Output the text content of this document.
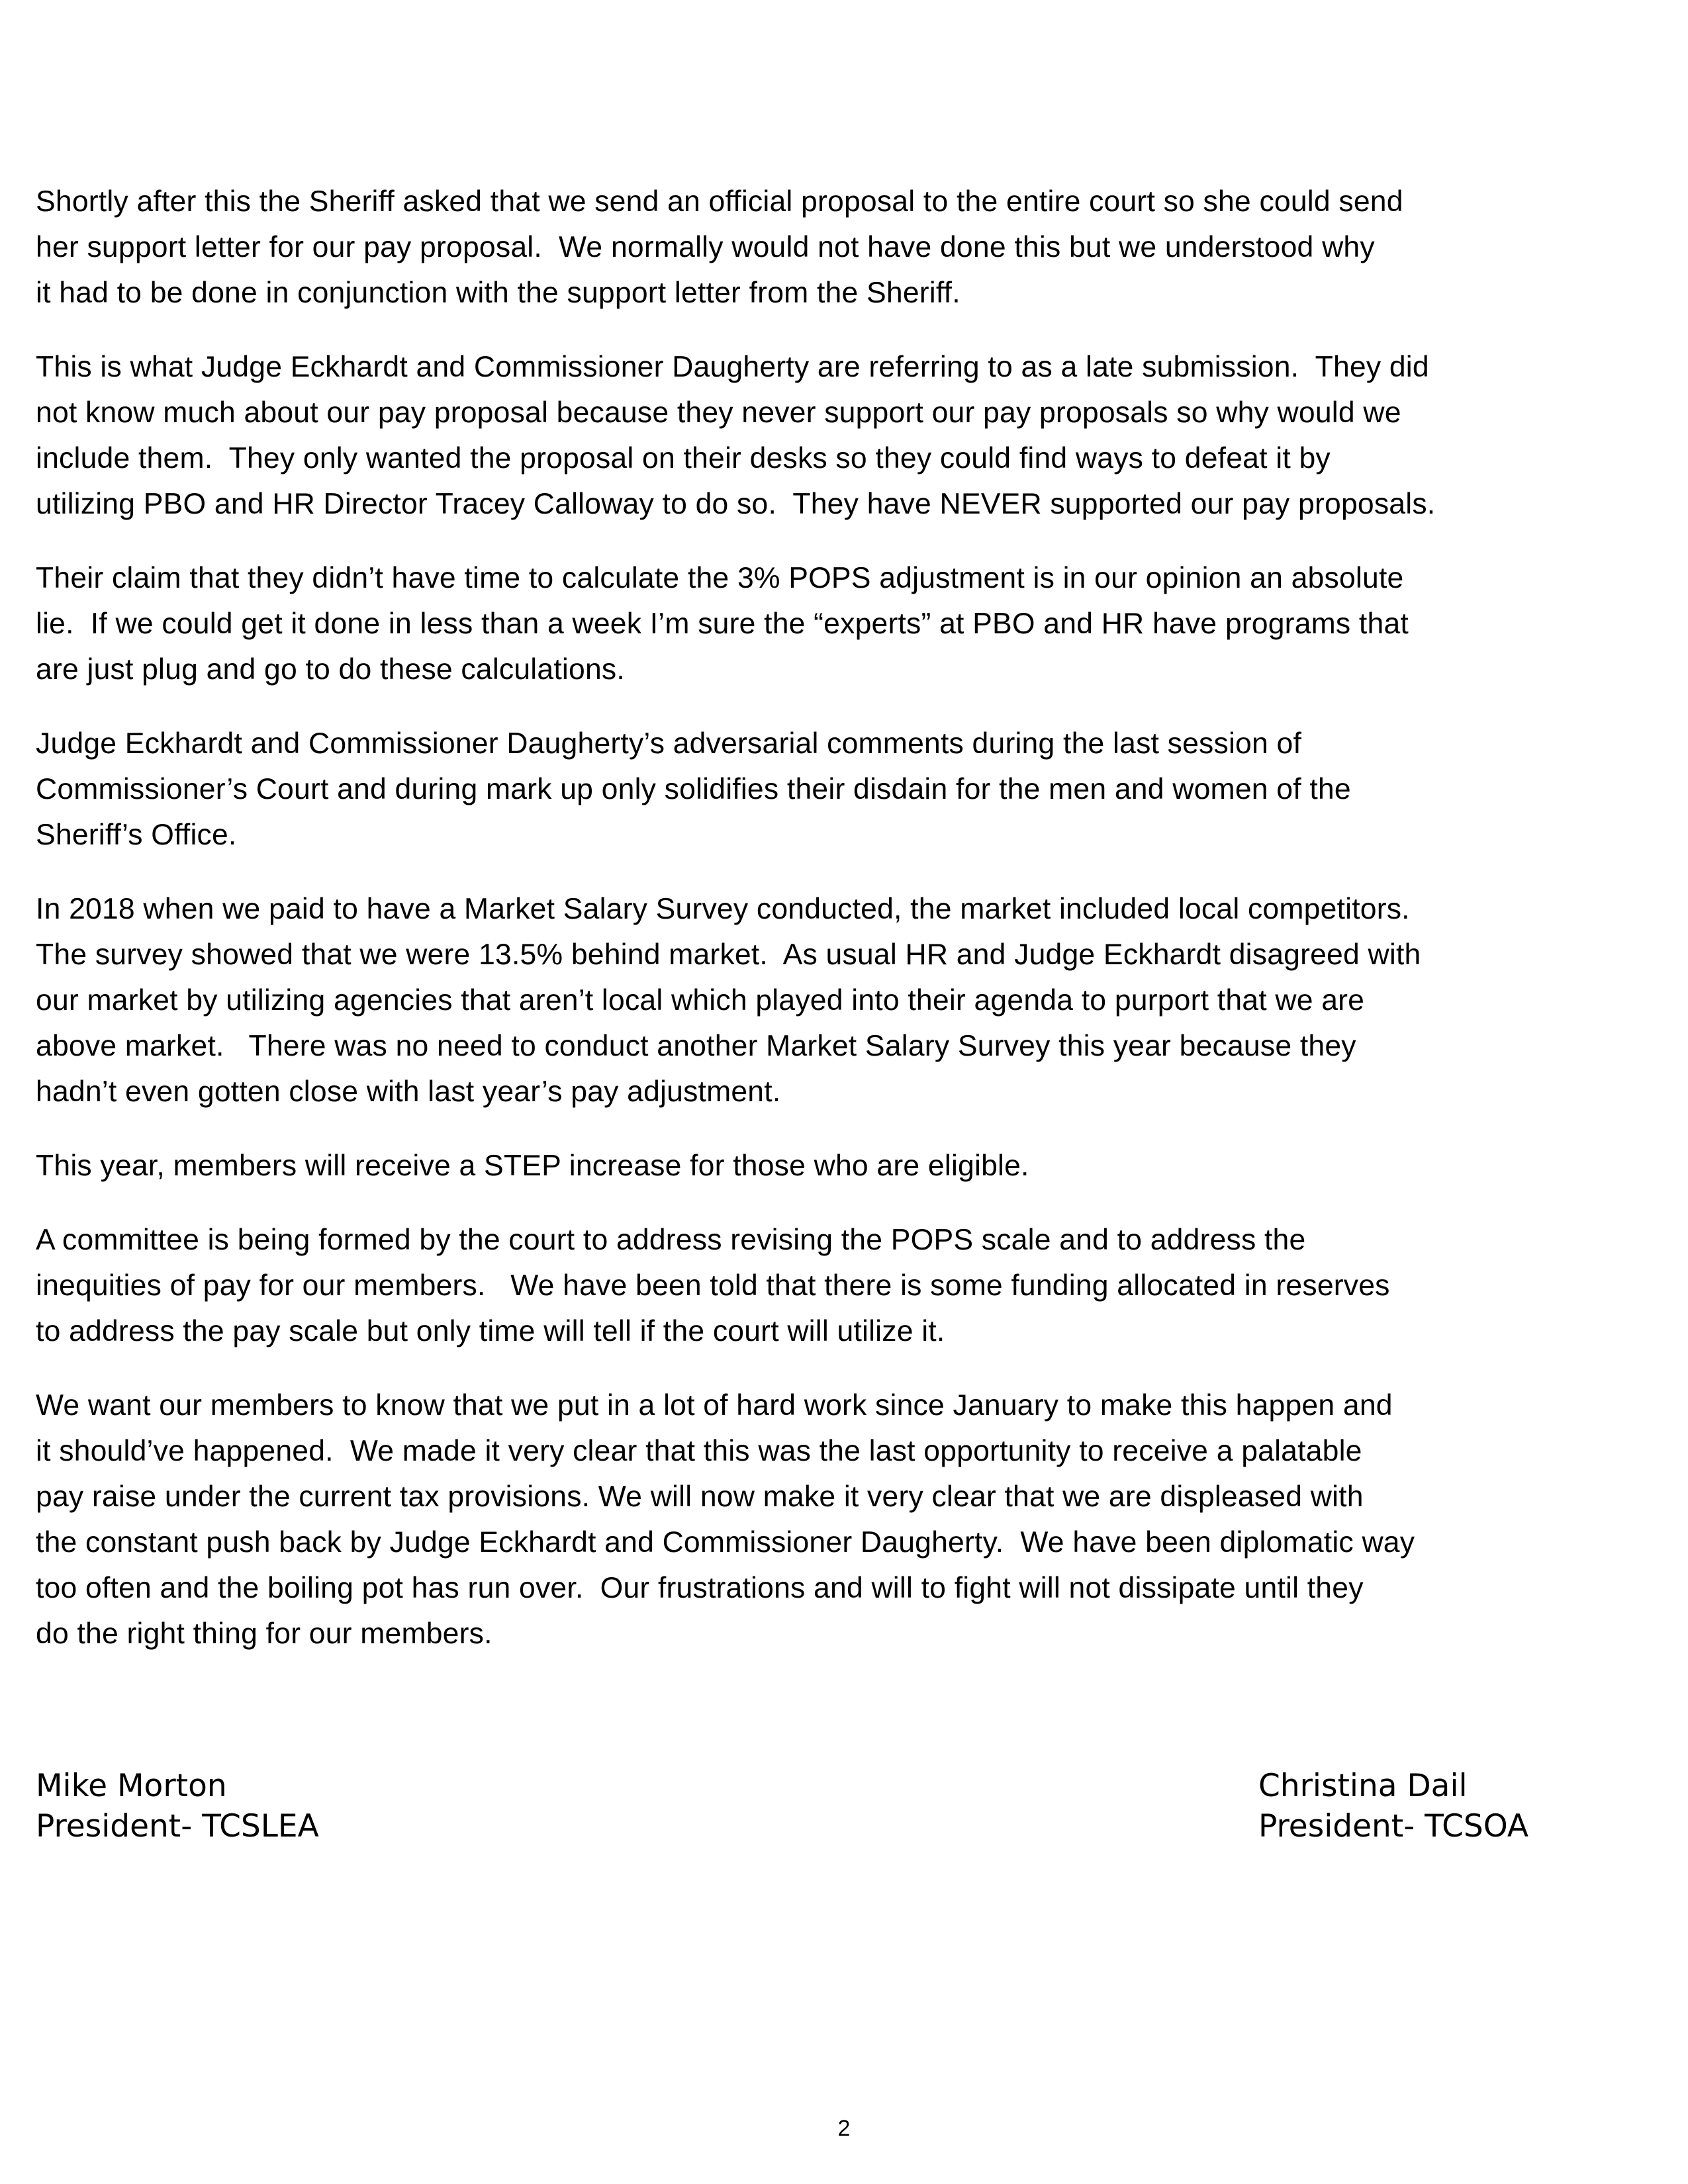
Shortly after this the Sheriff asked that we send an official proposal to the entire court so she could send
her support letter for our pay proposal.  We normally would not have done this but we understood why
it had to be done in conjunction with the support letter from the Sheriff.

This is what Judge Eckhardt and Commissioner Daugherty are referring to as a late submission.  They did
not know much about our pay proposal because they never support our pay proposals so why would we
include them.  They only wanted the proposal on their desks so they could find ways to defeat it by
utilizing PBO and HR Director Tracey Calloway to do so.  They have NEVER supported our pay proposals.

Their claim that they didn’t have time to calculate the 3% POPS adjustment is in our opinion an absolute
lie.  If we could get it done in less than a week I’m sure the “experts” at PBO and HR have programs that
are just plug and go to do these calculations.

Judge Eckhardt and Commissioner Daugherty’s adversarial comments during the last session of
Commissioner’s Court and during mark up only solidifies their disdain for the men and women of the
Sheriff’s Office.

In 2018 when we paid to have a Market Salary Survey conducted, the market included local competitors.
The survey showed that we were 13.5% behind market.  As usual HR and Judge Eckhardt disagreed with
our market by utilizing agencies that aren’t local which played into their agenda to purport that we are
above market.   There was no need to conduct another Market Salary Survey this year because they
hadn’t even gotten close with last year’s pay adjustment.

This year, members will receive a STEP increase for those who are eligible.

A committee is being formed by the court to address revising the POPS scale and to address the
inequities of pay for our members.   We have been told that there is some funding allocated in reserves
to address the pay scale but only time will tell if the court will utilize it.

We want our members to know that we put in a lot of hard work since January to make this happen and
it should’ve happened.  We made it very clear that this was the last opportunity to receive a palatable
pay raise under the current tax provisions. We will now make it very clear that we are displeased with
the constant push back by Judge Eckhardt and Commissioner Daugherty.  We have been diplomatic way
too often and the boiling pot has run over.  Our frustrations and will to fight will not dissipate until they
do the right thing for our members.

Mike Morton
President- TCSLEA
Christina Dail
President- TCSOA
2
